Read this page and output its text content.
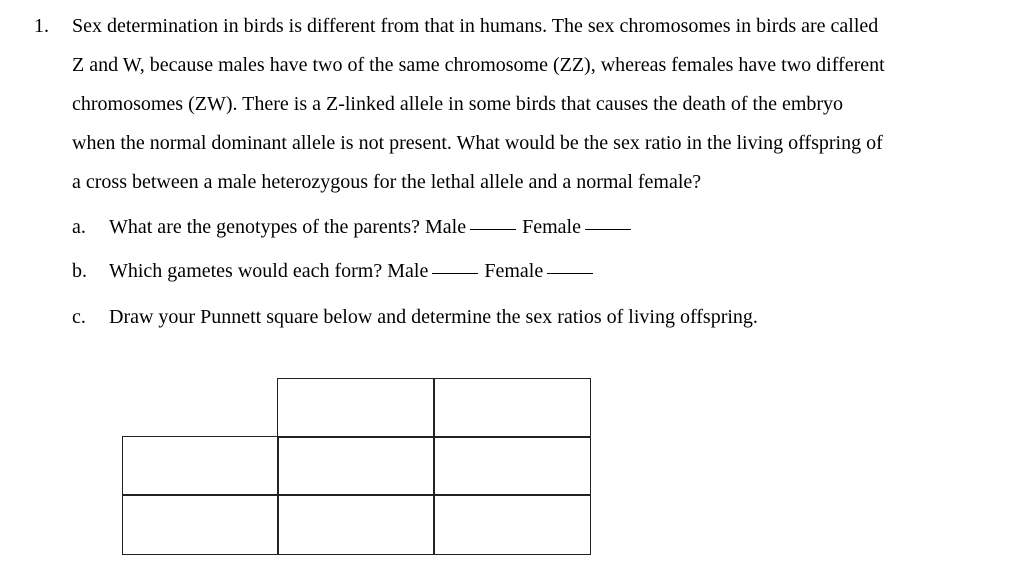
1. Sex determination in birds is different from that in humans. The sex chromosomes in birds are called
Z and W, because males have two of the same chromosome (ZZ), whereas females have two different
chromosomes (ZW). There is a Z-linked allele in some birds that causes the death of the embryo
when the normal dominant allele is not present. What would be the sex ratio in the living offspring of
a cross between a male heterozygous for the lethal allele and a normal female?
a. What are the genotypes of the parents? Male	Female
b. Which gametes would each form? Male	Female
c. Draw your Punnett square below and determine the sex ratios of living offspring.
